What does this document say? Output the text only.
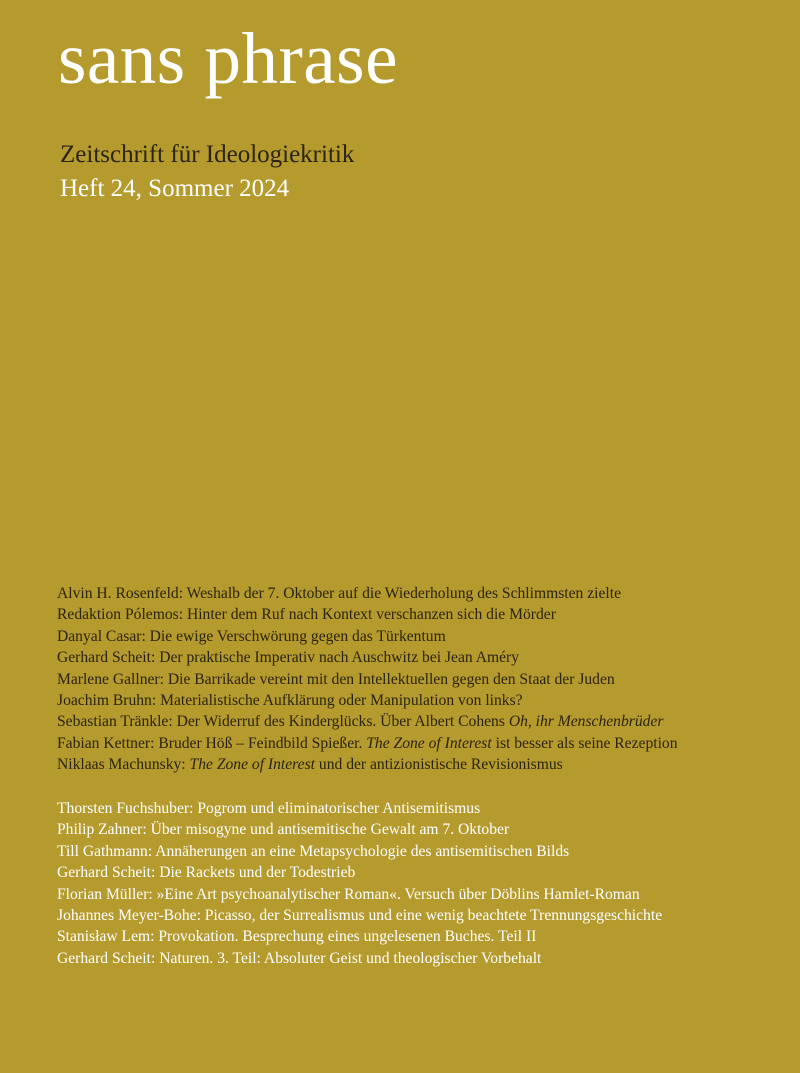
sans phrase
Zeitschrift für Ideologiekritik
Heft 24, Sommer 2024
Alvin H. Rosenfeld: Weshalb der 7. Oktober auf die Wiederholung des Schlimmsten zielte
Redaktion Pólemos: Hinter dem Ruf nach Kontext verschanzen sich die Mörder
Danyal Casar: Die ewige Verschwörung gegen das Türkentum
Gerhard Scheit: Der praktische Imperativ nach Auschwitz bei Jean Améry
Marlene Gallner: Die Barrikade vereint mit den Intellektuellen gegen den Staat der Juden
Joachim Bruhn: Materialistische Aufklärung oder Manipulation von links?
Sebastian Tränkle: Der Widerruf des Kinderglücks. Über Albert Cohens Oh, ihr Menschenbrüder
Fabian Kettner: Bruder Höß – Feindbild Spießer. The Zone of Interest ist besser als seine Rezeption
Niklaas Machunsky: The Zone of Interest und der antizionistische Revisionismus
Thorsten Fuchshuber: Pogrom und eliminatorischer Antisemitismus
Philip Zahner: Über misogyne und antisemitische Gewalt am 7. Oktober
Till Gathmann: Annäherungen an eine Metapsychologie des antisemitischen Bilds
Gerhard Scheit: Die Rackets und der Todestrieb
Florian Müller: »Eine Art psychoanalytischer Roman«. Versuch über Döblins Hamlet-Roman
Johannes Meyer-Bohe: Picasso, der Surrealismus und eine wenig beachtete Trennungsgeschichte
Stanisław Lem: Provokation. Besprechung eines ungelesenen Buches. Teil II
Gerhard Scheit: Naturen. 3. Teil: Absoluter Geist und theologischer Vorbehalt
